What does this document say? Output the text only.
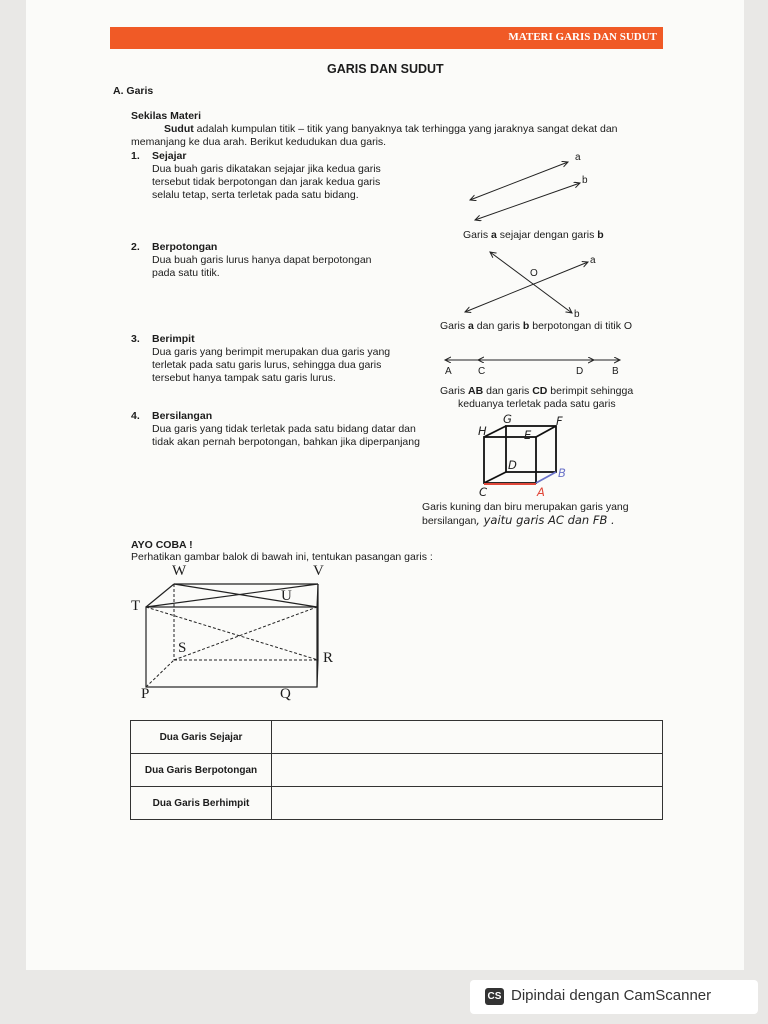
MATERI GARIS DAN SUDUT
GARIS DAN SUDUT
A. Garis
Sekilas Materi
Sudut adalah kumpulan titik – titik yang banyaknya tak terhingga yang jaraknya sangat dekat dan
memanjang ke dua arah. Berikut kedudukan dua garis.
1. Sejajar
Dua buah garis dikatakan sejajar jika kedua garis
tersebut tidak berpotongan dan jarak kedua garis
selalu tetap, serta terletak pada satu bidang.
2. Berpotongan
Dua buah garis lurus hanya dapat berpotongan
pada satu titik.
3. Berimpit
Dua garis yang berimpit merupakan dua garis yang
terletak pada satu garis lurus, sehingga dua garis
tersebut hanya tampak satu garis lurus.
4. Bersilangan
Dua garis yang tidak terletak pada satu bidang datar dan
tidak akan pernah berpotongan, bahkan jika diperpanjang
a
b
Garis a sejajar dengan garis b
O
a
b
Garis a dan garis b berpotongan di titik O
A	C	D	B
Garis AB dan garis CD berimpit sehingga
keduanya terletak pada satu garis
H
G
E
F
D
B
C	A
Garis kuning dan biru merupakan garis yang
bersilangan, yaitu garis AC dan FB .
AYO COBA !
Perhatikan gambar balok di bawah ini, tentukan pasangan garis :
W	V
T
U
S
R
P	Q
Dua Garis Sejajar	
Dua Garis Berpotongan	
Dua Garis Berhimpit	
CS Dipindai dengan CamScanner
